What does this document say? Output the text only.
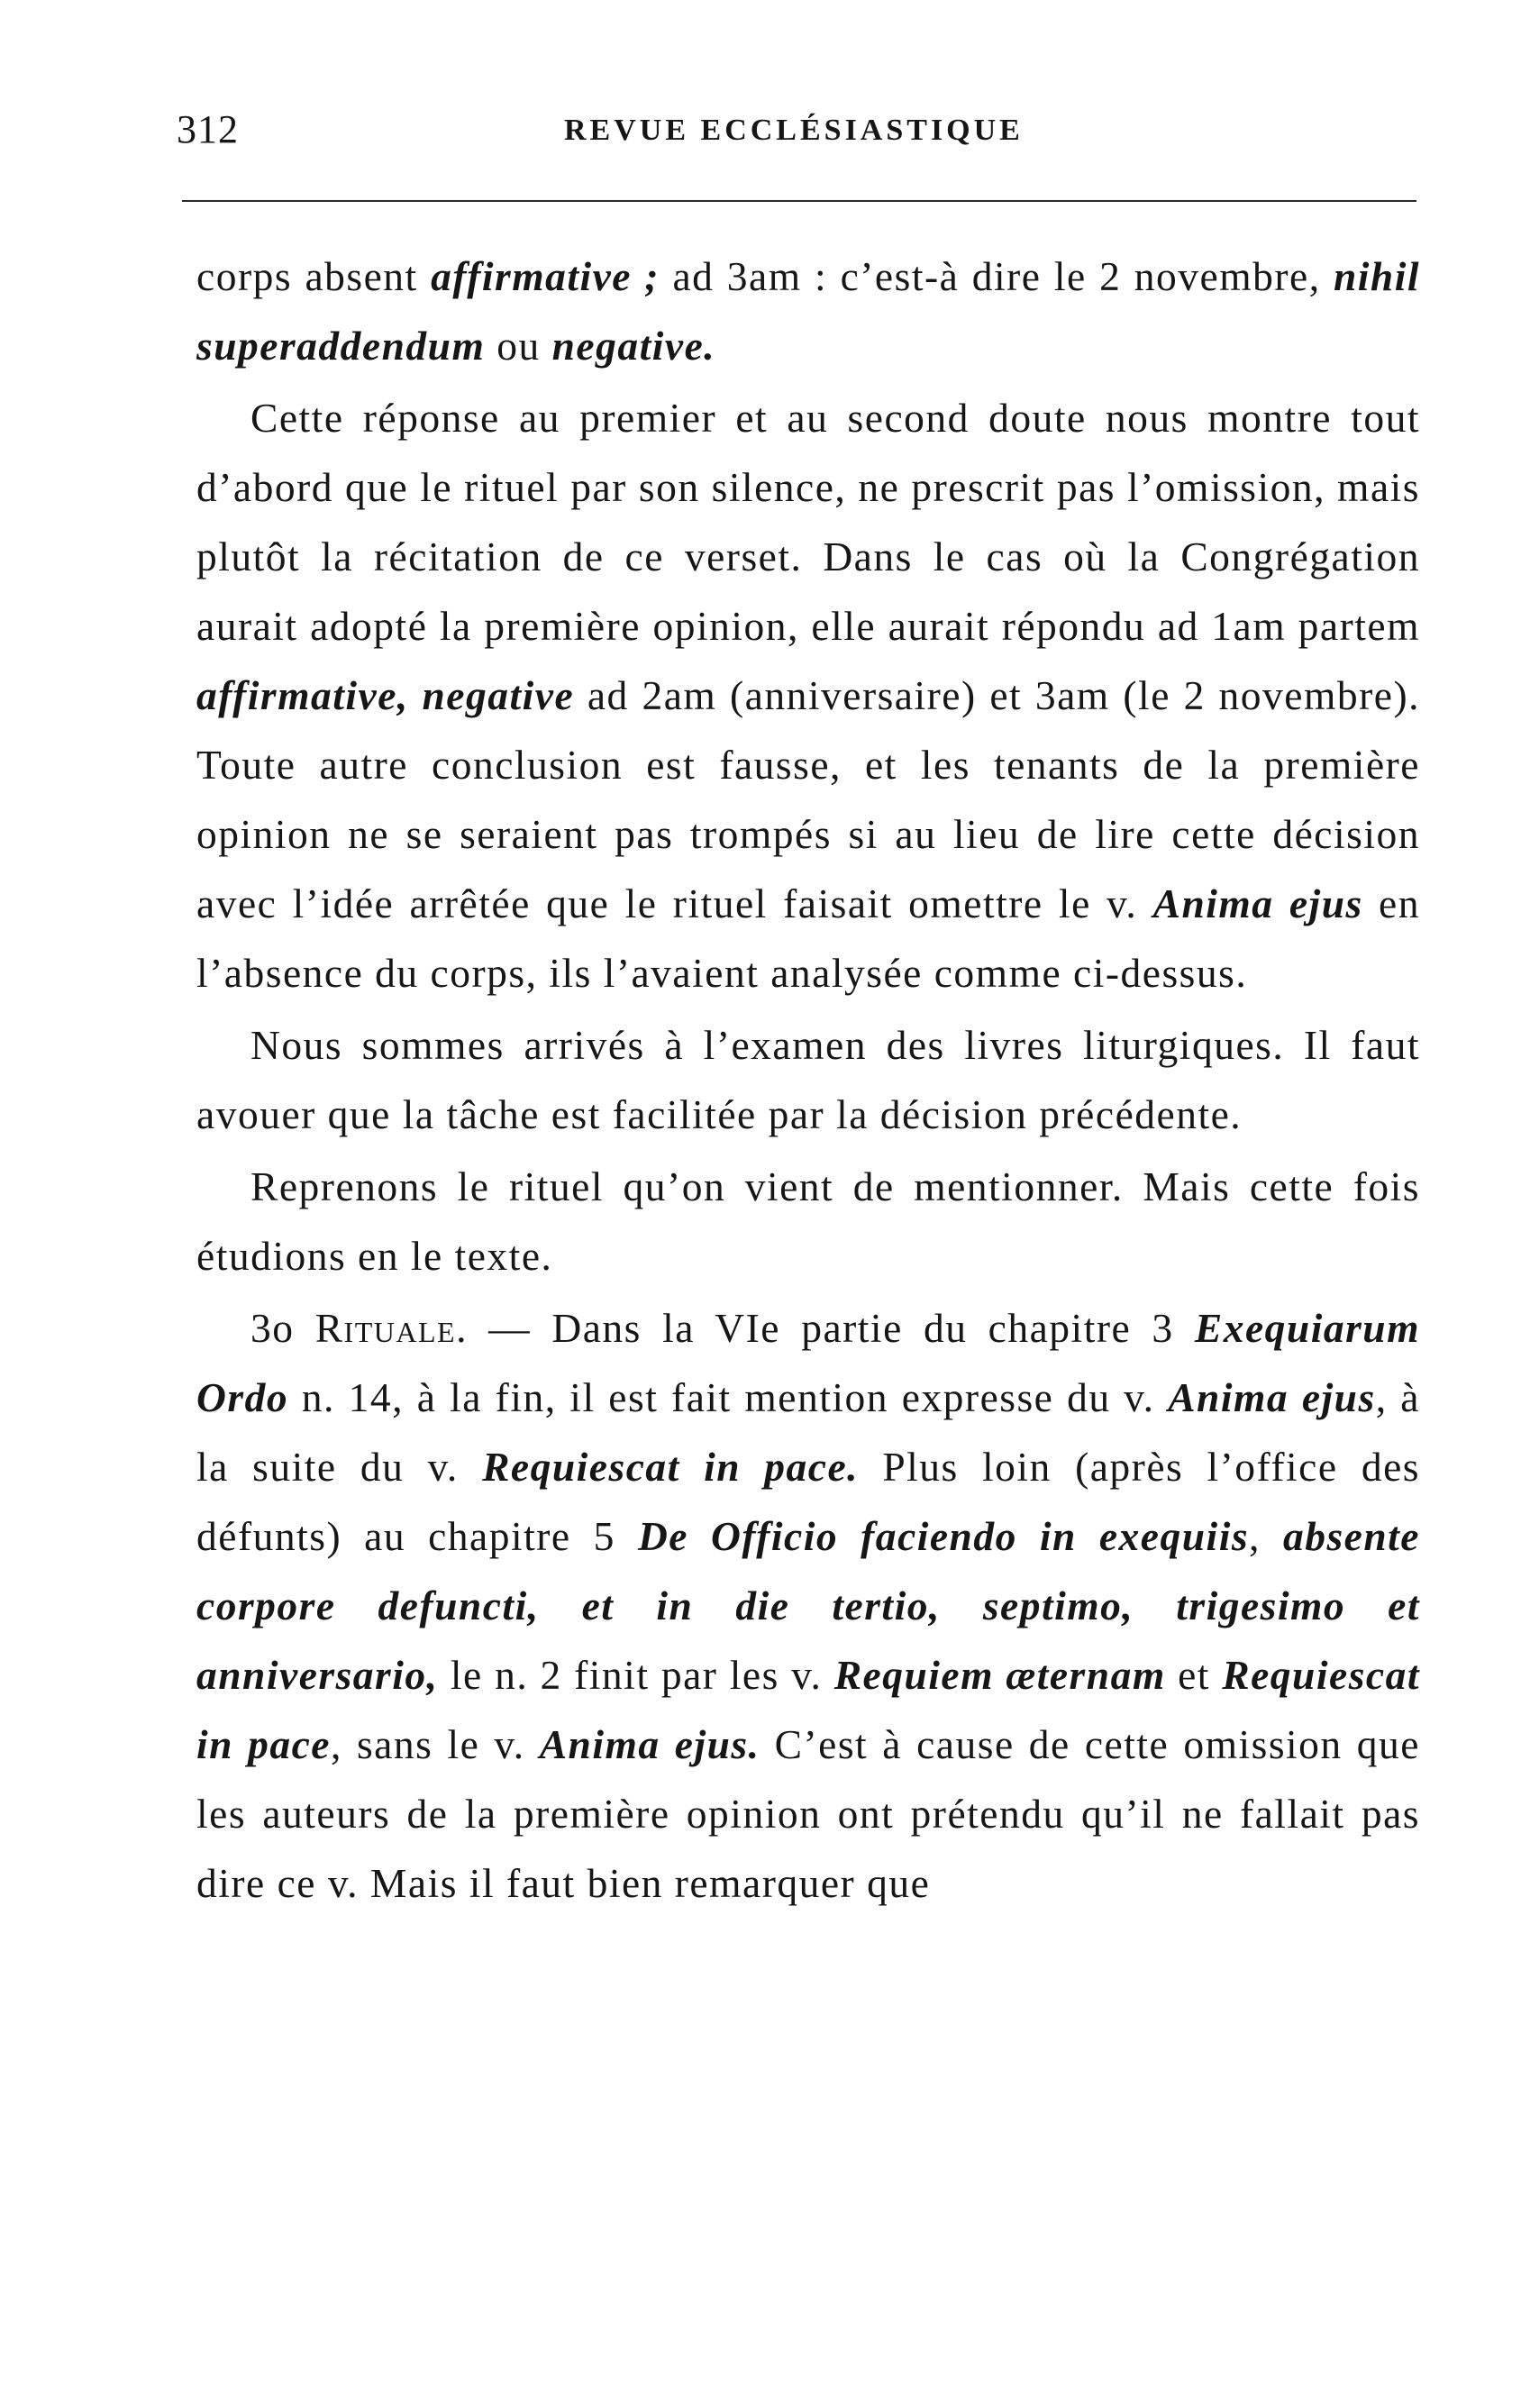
312	REVUE ECCLÉSIASTIQUE

corps absent affirmative ; ad 3am : c’est-à dire le 2 novembre, nihil superaddendum ou negative.

Cette réponse au premier et au second doute nous montre tout d’abord que le rituel par son silence, ne prescrit pas l’omission, mais plutôt la récitation de ce verset. Dans le cas où la Congrégation aurait adopté la première opinion, elle aurait répondu ad 1am partem affirmative, negative ad 2am (anniversaire) et 3am (le 2 novembre). Toute autre conclusion est fausse, et les tenants de la première opinion ne se seraient pas trompés si au lieu de lire cette décision avec l’idée arrêtée que le rituel faisait omettre le v. Anima ejus en l’absence du corps, ils l’avaient analysée comme ci-dessus.

Nous sommes arrivés à l’examen des livres liturgiques. Il faut avouer que la tâche est facilitée par la décision précédente.

Reprenons le rituel qu’on vient de mentionner. Mais cette fois étudions en le texte.

3o Rituale. — Dans la VIe partie du chapitre 3 Exequiarum Ordo n. 14, à la fin, il est fait mention expresse du v. Anima ejus, à la suite du v. Requiescat in pace. Plus loin (après l’office des défunts) au chapitre 5 De Officio faciendo in exequiis, absente corpore defuncti, et in die tertio, septimo, trigesimo et anniversario, le n. 2 finit par les v. Requiem æternam et Requiescat in pace, sans le v. Anima ejus. C’est à cause de cette omission que les auteurs de la première opinion ont prétendu qu’il ne fallait pas dire ce v. Mais il faut bien remarquer que
